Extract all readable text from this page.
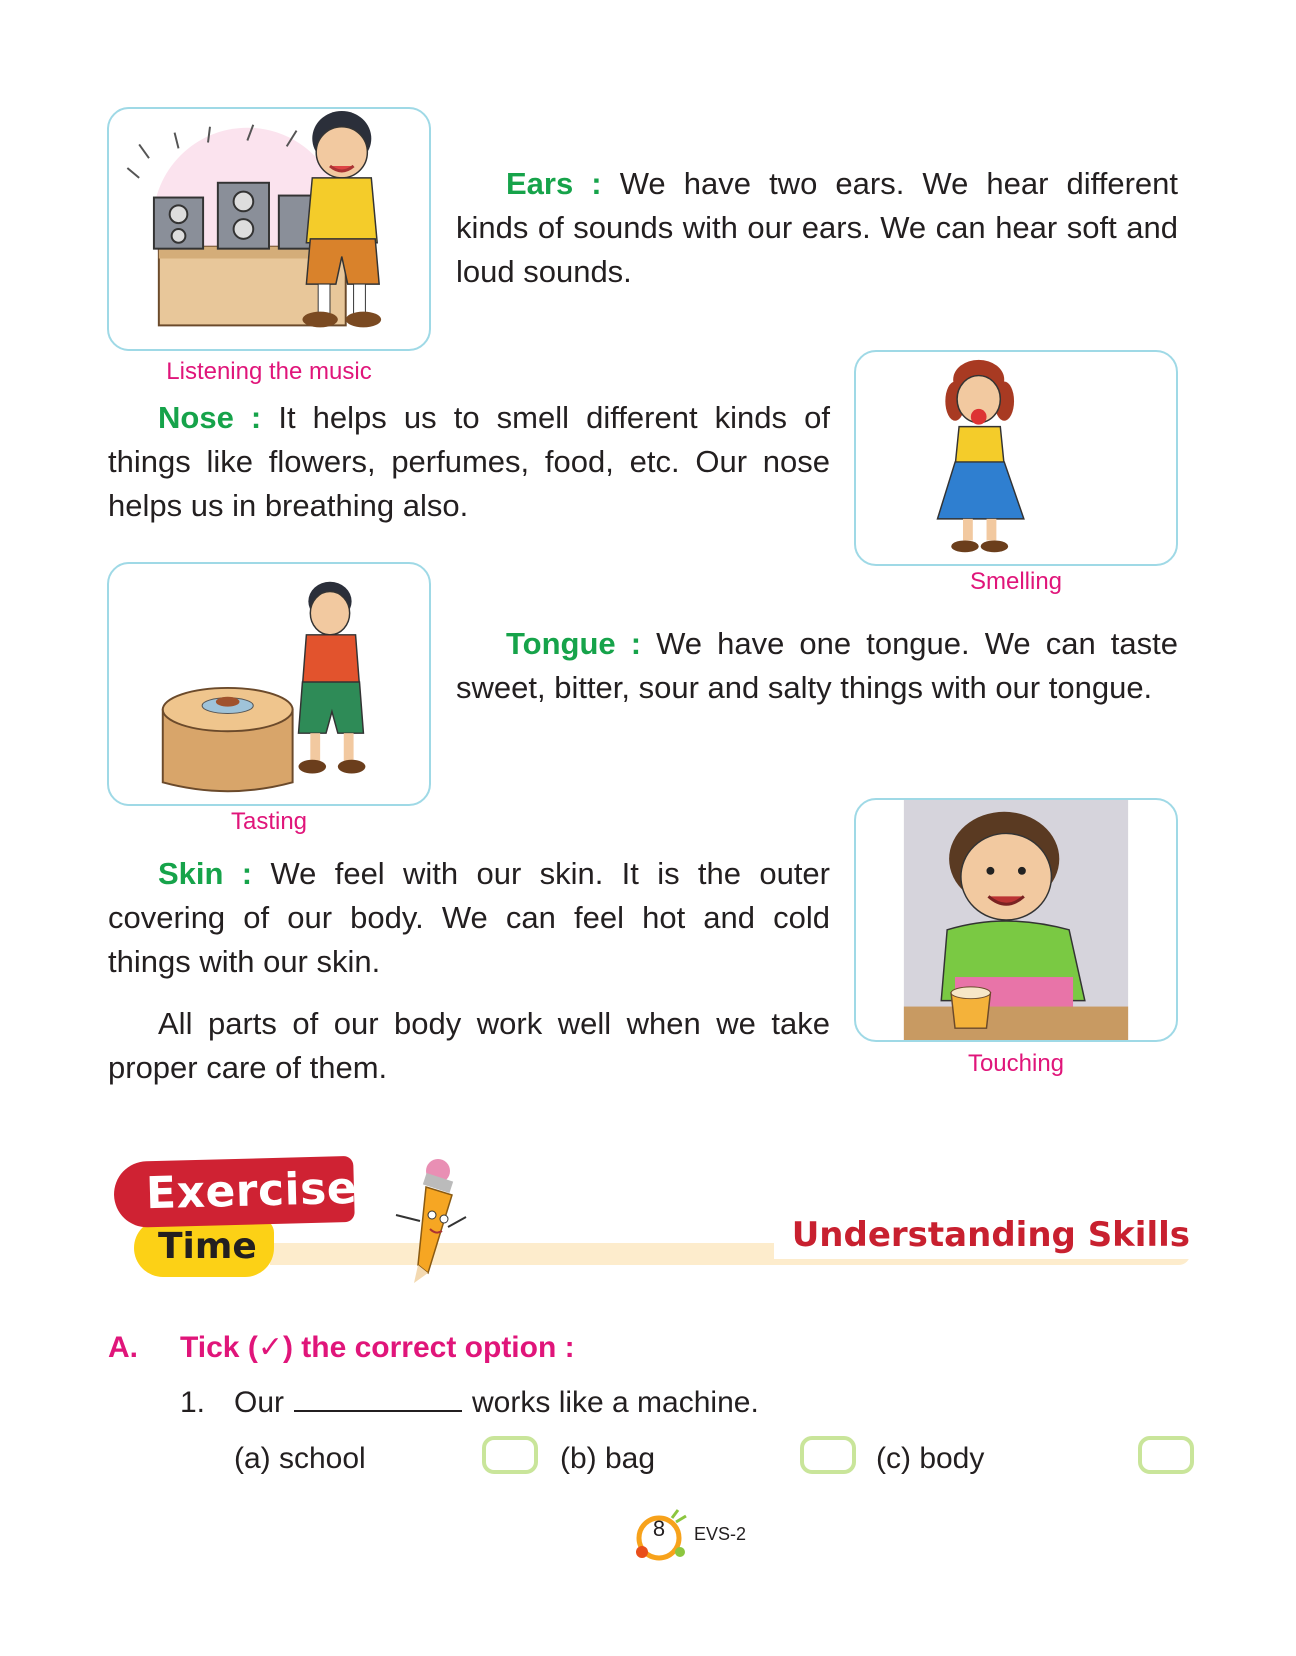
Listening the music
Ears : We have two ears. We hear different kinds of sounds with our ears. We can hear soft and loud sounds.
Smelling
Nose : It helps us to smell different kinds of things like flowers, perfumes, food, etc. Our nose helps us in breathing also.
Tasting
Tongue : We have one tongue. We can taste sweet, bitter, sour and salty things with our tongue.
Touching
Skin : We feel with our skin. It is the outer covering of our body. We can feel hot and cold things with our skin.
All parts of our body work well when we take proper care of them.
Time
Exercise
Understanding Skills
A. Tick (✓) the correct option :
1. Our	works like a machine.
(a) school	(b) bag	(c) body
8	EVS-2
